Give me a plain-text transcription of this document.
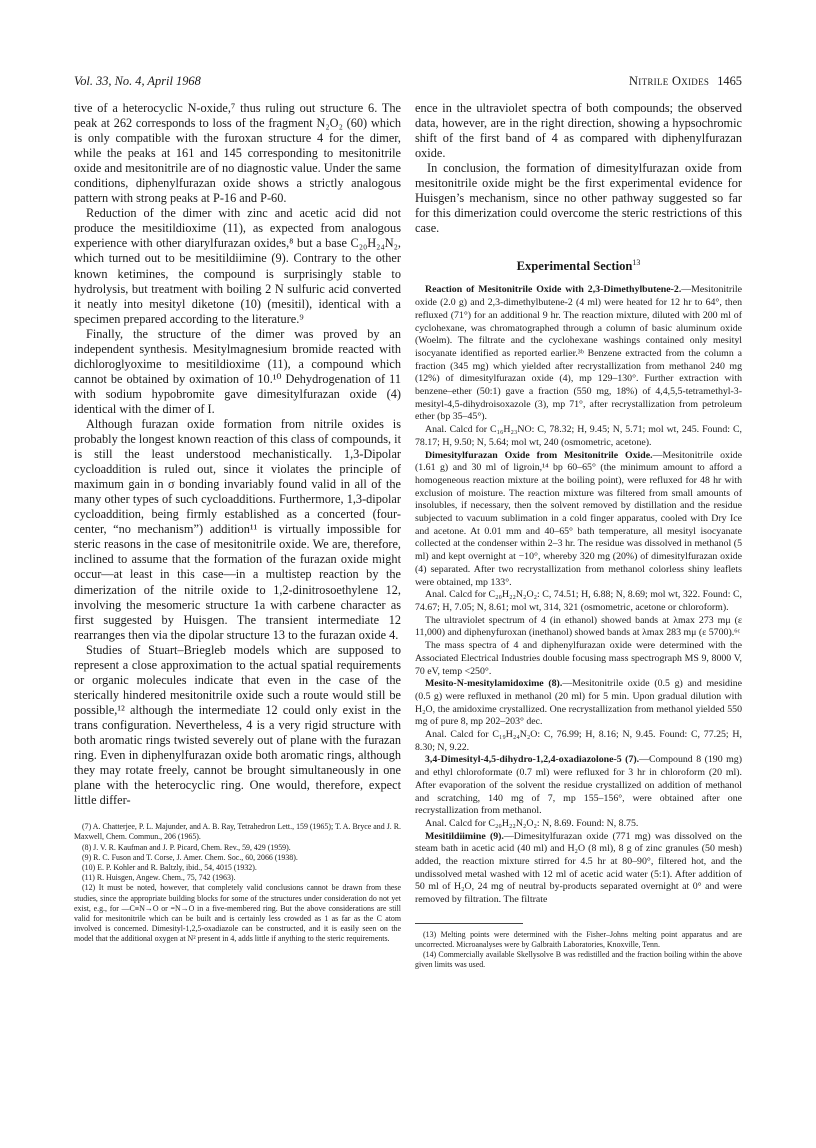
Vol. 33, No. 4, April 1968	Nitrile Oxides 1465

tive of a heterocyclic N-oxide,⁷ thus ruling out structure 6. The peak at 262 corresponds to loss of the fragment N₂O₂ (60) which is only compatible with the furoxan structure 4 for the dimer, while the peaks at 161 and 145 corresponding to mesitonitrile oxide and mesitonitrile are of no diagnostic value. Under the same conditions, diphenylfurazan oxide shows a strictly analogous pattern with strong peaks at P-16 and P-60.

Reduction of the dimer with zinc and acetic acid did not produce the mesitildioxime (11), as expected from analogous experience with other diarylfurazan oxides,⁸ but a base C₂₀H₂₄N₂, which turned out to be mesitildiimine (9). Contrary to the other known ketimines, the compound is surprisingly stable to hydrolysis, but treatment with boiling 2 N sulfuric acid converted it neatly into mesityl diketone (10) (mesitil), identical with a specimen prepared according to the literature.⁹

Finally, the structure of the dimer was proved by an independent synthesis. Mesitylmagnesium bromide reacted with dichloroglyoxime to mesitildioxime (11), a compound which cannot be obtained by oximation of 10.¹⁰ Dehydrogenation of 11 with sodium hypobromite gave dimesitylfurazan oxide (4) identical with the dimer of I.

Although furazan oxide formation from nitrile oxides is probably the longest known reaction of this class of compounds, it is still the least understood mechanistically. 1,3-Dipolar cycloaddition is ruled out, since it violates the principle of maximum gain in σ bonding invariably found valid in all of the many other types of such cycloadditions. Furthermore, 1,3-dipolar cycloaddition, being firmly established as a concerted (four-center, “no mechanism”) addition¹¹ is virtually impossible for steric reasons in the case of mesitonitrile oxide. We are, therefore, inclined to assume that the formation of the furazan oxide might occur—at least in this case—in a multistep reaction by the dimerization of the nitrile oxide to 1,2-dinitrosoethylene 12, involving the mesomeric structure 1a with carbene character as first suggested by Huisgen. The transient intermediate 12 rearranges then via the dipolar structure 13 to the furazan oxide 4.

Studies of Stuart–Briegleb models which are supposed to represent a close approximation to the actual spatial requirements or organic molecules indicate that even in the case of the sterically hindered mesitonitrile oxide such a route would still be possible,¹² although the intermediate 12 could only exist in the trans configuration. Nevertheless, 4 is a very rigid structure with both aromatic rings twisted severely out of plane with the furazan ring. Even in diphenylfurazan oxide both aromatic rings, although they may rotate freely, cannot be brought simultaneously in one plane with the heterocyclic ring. One would, therefore, expect little differ-

(7) A. Chatterjee, P. L. Majunder, and A. B. Ray, Tetrahedron Lett., 159 (1965); T. A. Bryce and J. R. Maxwell, Chem. Commun., 206 (1965).

(8) J. V. R. Kaufman and J. P. Picard, Chem. Rev., 59, 429 (1959).

(9) R. C. Fuson and T. Corse, J. Amer. Chem. Soc., 60, 2066 (1938).

(10) E. P. Kohler and R. Baltzly, ibid., 54, 4015 (1932).

(11) R. Huisgen, Angew. Chem., 75, 742 (1963).

(12) It must be noted, however, that completely valid conclusions cannot be drawn from these studies, since the appropriate building blocks for some of the structures under consideration do not yet exist, e.g., for —C≡N→O or =N→O in a five-membered ring. But the above considerations are still valid for mesitonitrile which can be built and is certainly less crowded as 1 as far as the C atom involved is concerned. Dimesityl-1,2,5-oxadiazole can be constructed, and it is easily seen on the model that the additional oxygen at N² present in 4, adds little if anything to the steric requirements.

ence in the ultraviolet spectra of both compounds; the observed data, however, are in the right direction, showing a hypsochromic shift of the first band of 4 as compared with diphenylfurazan oxide.

In conclusion, the formation of dimesitylfurazan oxide from mesitonitrile oxide might be the first experimental evidence for Huisgen’s mechanism, since no other pathway suggested so far for this dimerization could overcome the steric restrictions of this case.

Experimental Section$^{13}$

Reaction of Mesitonitrile Oxide with 2,3-Dimethylbutene-2.—Mesitonitrile oxide (2.0 g) and 2,3-dimethylbutene-2 (4 ml) were heated for 12 hr to 64°, then refluxed (71°) for an additional 9 hr. The reaction mixture, diluted with 200 ml of cyclohexane, was chromatographed through a column of basic aluminum oxide (Woelm). The filtrate and the cyclohexane washings contained only mesityl isocyanate identified as reported earlier.³ᵇ Benzene extracted from the column a fraction (345 mg) which yielded after recrystallization from methanol 240 mg (12%) of dimesitylfurazan oxide (4), mp 129–130°. Further extraction with benzene–ether (50:1) gave a fraction (550 mg, 18%) of 4,4,5,5-tetramethyl-3-mesityl-4,5-dihydroisoxazole (3), mp 71°, after recrystallization from petroleum ether (bp 35–45°).

Anal. Calcd for C₁₆H₂₃NO: C, 78.32; H, 9.45; N, 5.71; mol wt, 245. Found: C, 78.17; H, 9.50; N, 5.64; mol wt, 240 (osmometric, acetone).

Dimesitylfurazan Oxide from Mesitonitrile Oxide.—Mesitonitrile oxide (1.61 g) and 30 ml of ligroin,¹⁴ bp 60–65° (the minimum amount to afford a homogeneous reaction mixture at the boiling point), were refluxed for 48 hr with exclusion of moisture. The reaction mixture was filtered from small amounts of insolubles, if necessary, then the solvent removed by distillation and the residue subjected to vacuum sublimation in a cold finger apparatus, cooled with Dry Ice and acetone. At 0.01 mm and 40–65° bath temperature, all mesityl isocyanate collected at the condenser within 2–3 hr. The residue was dissolved in methanol (5 ml) and kept overnight at −10°, whereby 320 mg (20%) of dimesitylfurazan oxide (4) separated. After two recrystallization from methanol colorless shiny leaflets were obtained, mp 133°.

Anal. Calcd for C₂₀H₂₂N₂O₂: C, 74.51; H, 6.88; N, 8.69; mol wt, 322. Found: C, 74.67; H, 7.05; N, 8.61; mol wt, 314, 321 (osmometric, acetone or chloroform).

The ultraviolet spectrum of 4 (in ethanol) showed bands at λmax 273 mμ (ε 11,000) and diphenyfuroxan (inethanol) showed bands at λmax 283 mμ (ε 5700).⁶ᶜ

The mass spectra of 4 and diphenylfurazan oxide were determined with the Associated Electrical Industries double focusing mass spectrograph MS 9, 8000 V, 70 eV, temp <250°.

Mesito-N-mesitylamidoxime (8).—Mesitonitrile oxide (0.5 g) and mesidine (0.5 g) were refluxed in methanol (20 ml) for 5 min. Upon gradual dilution with H₂O, the amidoxime crystallized. One recrystallization from methanol yielded 550 mg of pure 8, mp 202–203° dec.

Anal. Calcd for C₁₉H₂₄N₂O: C, 76.99; H, 8.16; N, 9.45. Found: C, 77.25; H, 8.30; N, 9.22.

3,4-Dimesityl-4,5-dihydro-1,2,4-oxadiazolone-5 (7).—Compound 8 (190 mg) and ethyl chloroformate (0.7 ml) were refluxed for 3 hr in chloroform (20 ml). After evaporation of the solvent the residue crystallized on addition of methanol and scratching, 140 mg of 7, mp 155–156°, were obtained after one recrystallization from methanol.

Anal. Calcd for C₂₀H₂₂N₂O₂: N, 8.69. Found: N, 8.75.

Mesitildiimine (9).—Dimesitylfurazan oxide (771 mg) was dissolved on the steam bath in acetic acid (40 ml) and H₂O (8 ml), 8 g of zinc granules (50 mesh) added, the reaction mixture stirred for 4.5 hr at 80–90°, filtered hot, and the undissolved metal washed with 12 ml of acetic acid water (5:1). After addition of 50 ml of H₂O, 24 mg of neutral by-products separated overnight at 0° and were removed by filtration. The filtrate

(13) Melting points were determined with the Fisher–Johns melting point apparatus and are uncorrected. Microanalyses were by Galbraith Laboratories, Knoxville, Tenn.

(14) Commercially available Skellysolve B was redistilled and the fraction boiling within the above given limits was used.
